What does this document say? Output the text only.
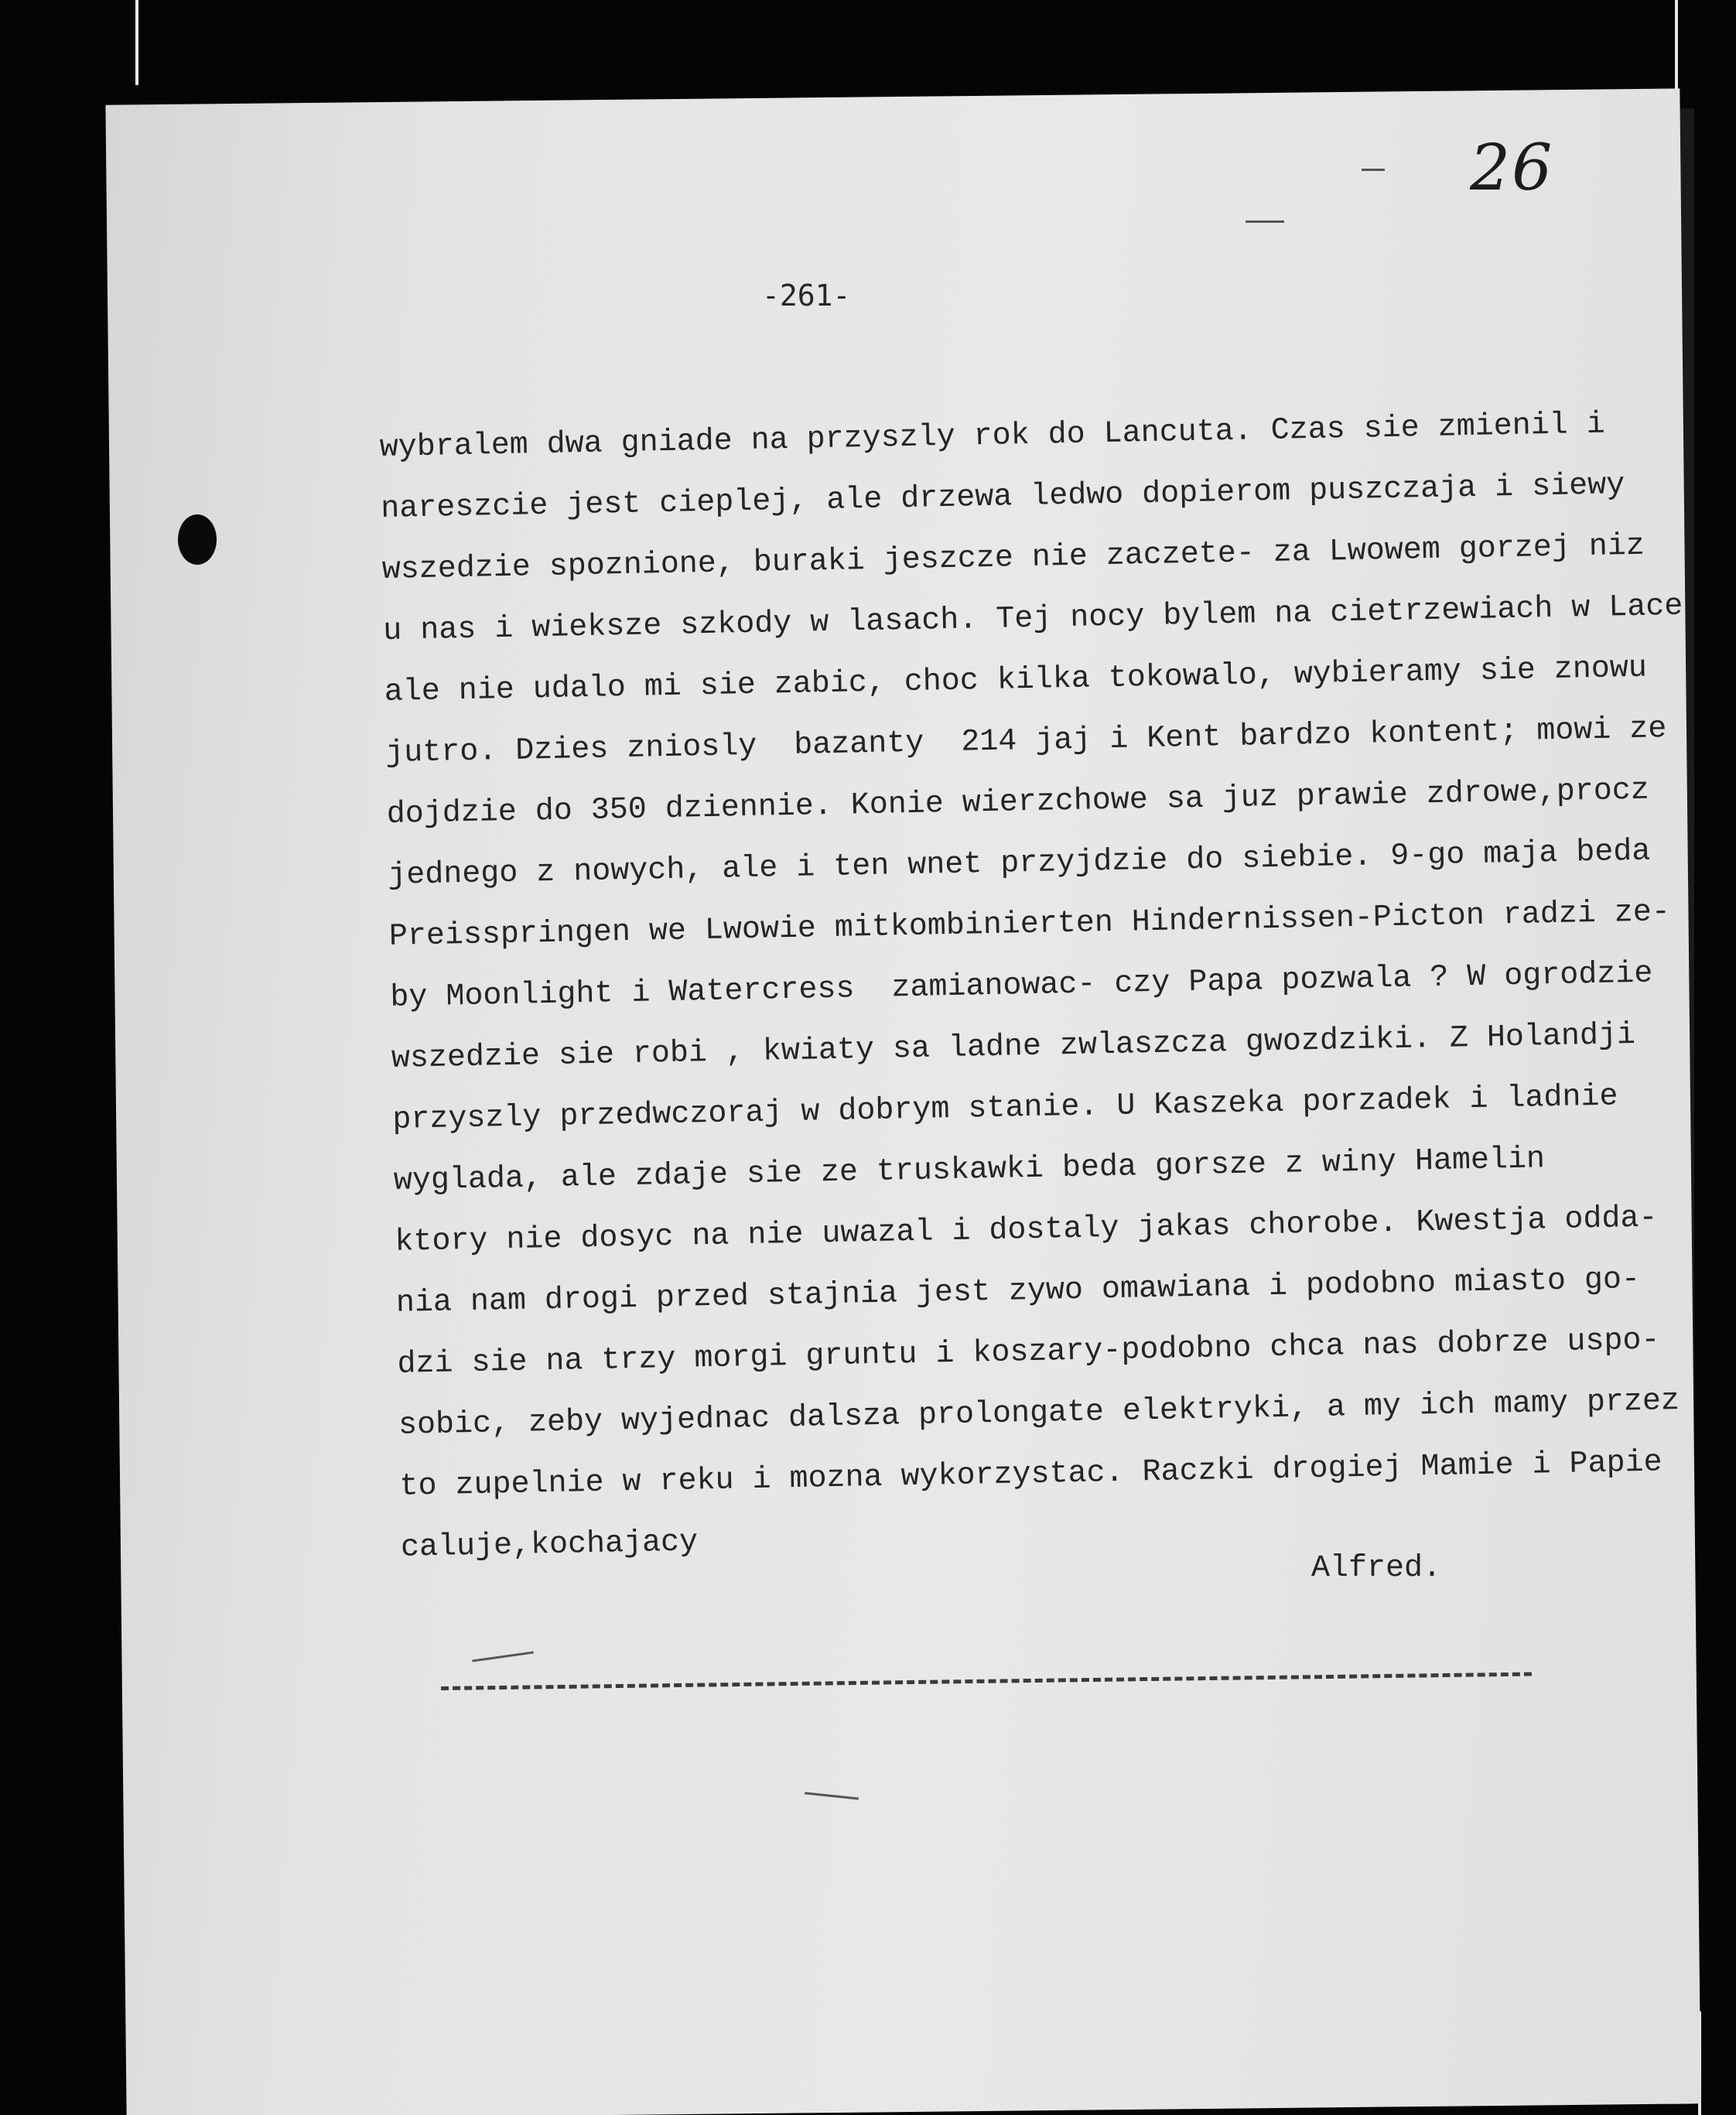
26
-261-
wybralem dwa gniade na przyszly rok do Lancuta. Czas sie zmienil i
nareszcie jest cieplej, ale drzewa ledwo dopierom puszczaja i siewy
wszedzie spoznione, buraki jeszcze nie zaczete- za Lwowem gorzej niz
u nas i wieksze szkody w lasach. Tej nocy bylem na cietrzewiach w Lace
ale nie udalo mi sie zabic, choc kilka tokowalo, wybieramy sie znowu
jutro. Dzies zniosly  bazanty  214 jaj i Kent bardzo kontent; mowi ze
dojdzie do 350 dziennie. Konie wierzchowe sa juz prawie zdrowe,procz
jednego z nowych, ale i ten wnet przyjdzie do siebie. 9-go maja beda
Preisspringen we Lwowie mitkombinierten Hindernissen-Picton radzi ze-
by Moonlight i Watercress  zamianowac- czy Papa pozwala ? W ogrodzie
wszedzie sie robi , kwiaty sa ladne zwlaszcza gwozdziki. Z Holandji
przyszly przedwczoraj w dobrym stanie. U Kaszeka porzadek i ladnie
wyglada, ale zdaje sie ze truskawki beda gorsze z winy Hamelin
ktory nie dosyc na nie uwazal i dostaly jakas chorobe. Kwestja odda-
nia nam drogi przed stajnia jest zywo omawiana i podobno miasto go-
dzi sie na trzy morgi gruntu i koszary-podobno chca nas dobrze uspo-
sobic, zeby wyjednac dalsza prolongate elektryki, a my ich mamy przez
to zupelnie w reku i mozna wykorzystac. Raczki drogiej Mamie i Papie
caluje,kochajacy
Alfred.
